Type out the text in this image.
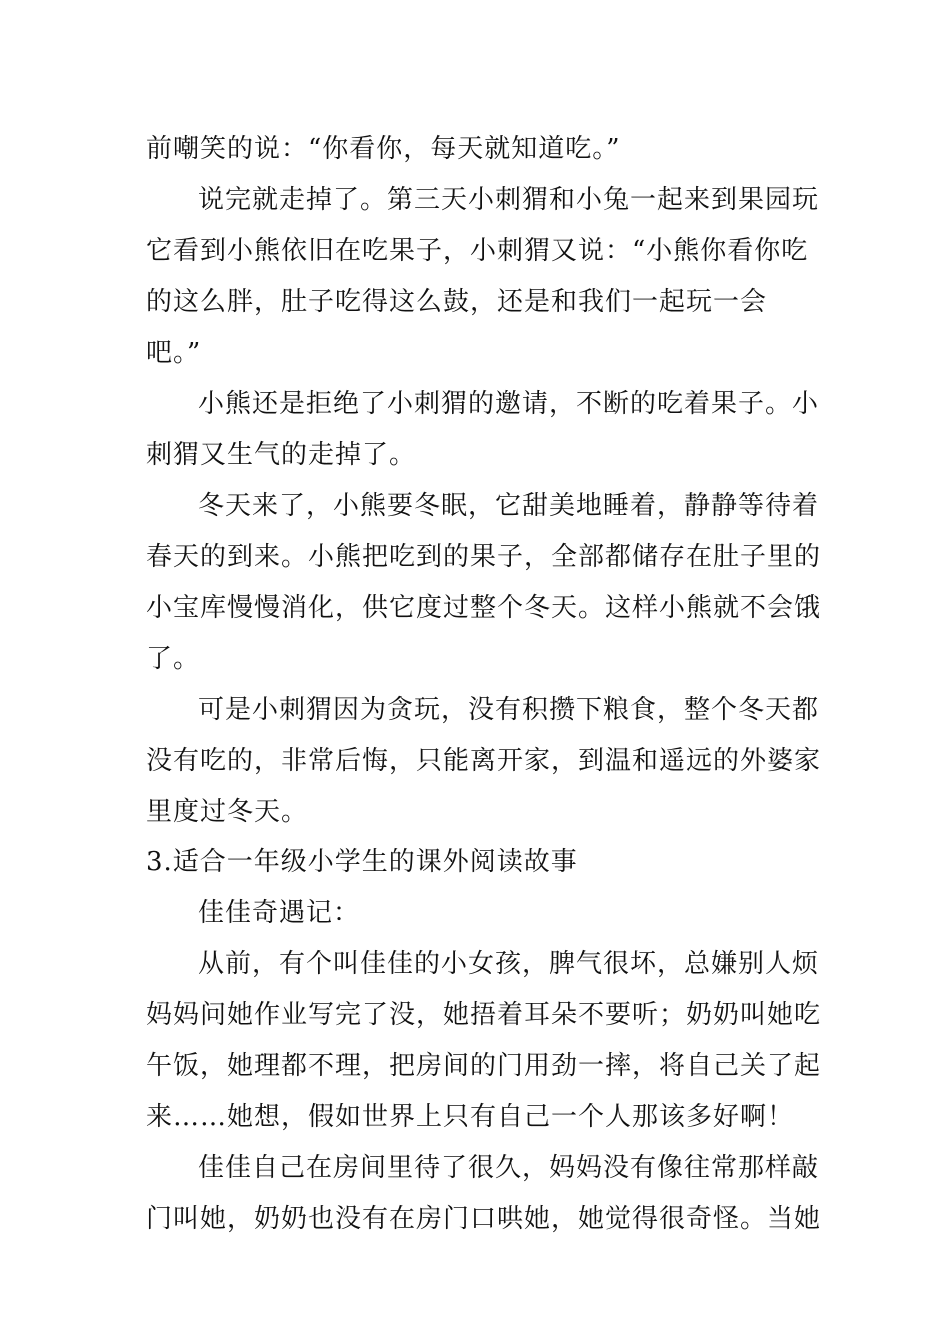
前嘲笑的说：“你看你，每天就知道吃。”
说完就走掉了。第三天小刺猬和小兔一起来到果园玩
它看到小熊依旧在吃果子，小刺猬又说：“小熊你看你吃
的这么胖，肚子吃得这么鼓，还是和我们一起玩一会
吧。”
小熊还是拒绝了小刺猬的邀请，不断的吃着果子。小
刺猬又生气的走掉了。
冬天来了，小熊要冬眠，它甜美地睡着，静静等待着
春天的到来。小熊把吃到的果子，全部都储存在肚子里的
小宝库慢慢消化，供它度过整个冬天。这样小熊就不会饿
了。
可是小刺猬因为贪玩，没有积攒下粮食，整个冬天都
没有吃的，非常后悔，只能离开家，到温和遥远的外婆家
里度过冬天。
3.适合一年级小学生的课外阅读故事
佳佳奇遇记：
从前，有个叫佳佳的小女孩，脾气很坏，总嫌别人烦
妈妈问她作业写完了没，她捂着耳朵不要听；奶奶叫她吃
午饭，她理都不理，把房间的门用劲一摔，将自己关了起
来……她想，假如世界上只有自己一个人那该多好啊！
佳佳自己在房间里待了很久，妈妈没有像往常那样敲
门叫她，奶奶也没有在房门口哄她，她觉得很奇怪。当她
